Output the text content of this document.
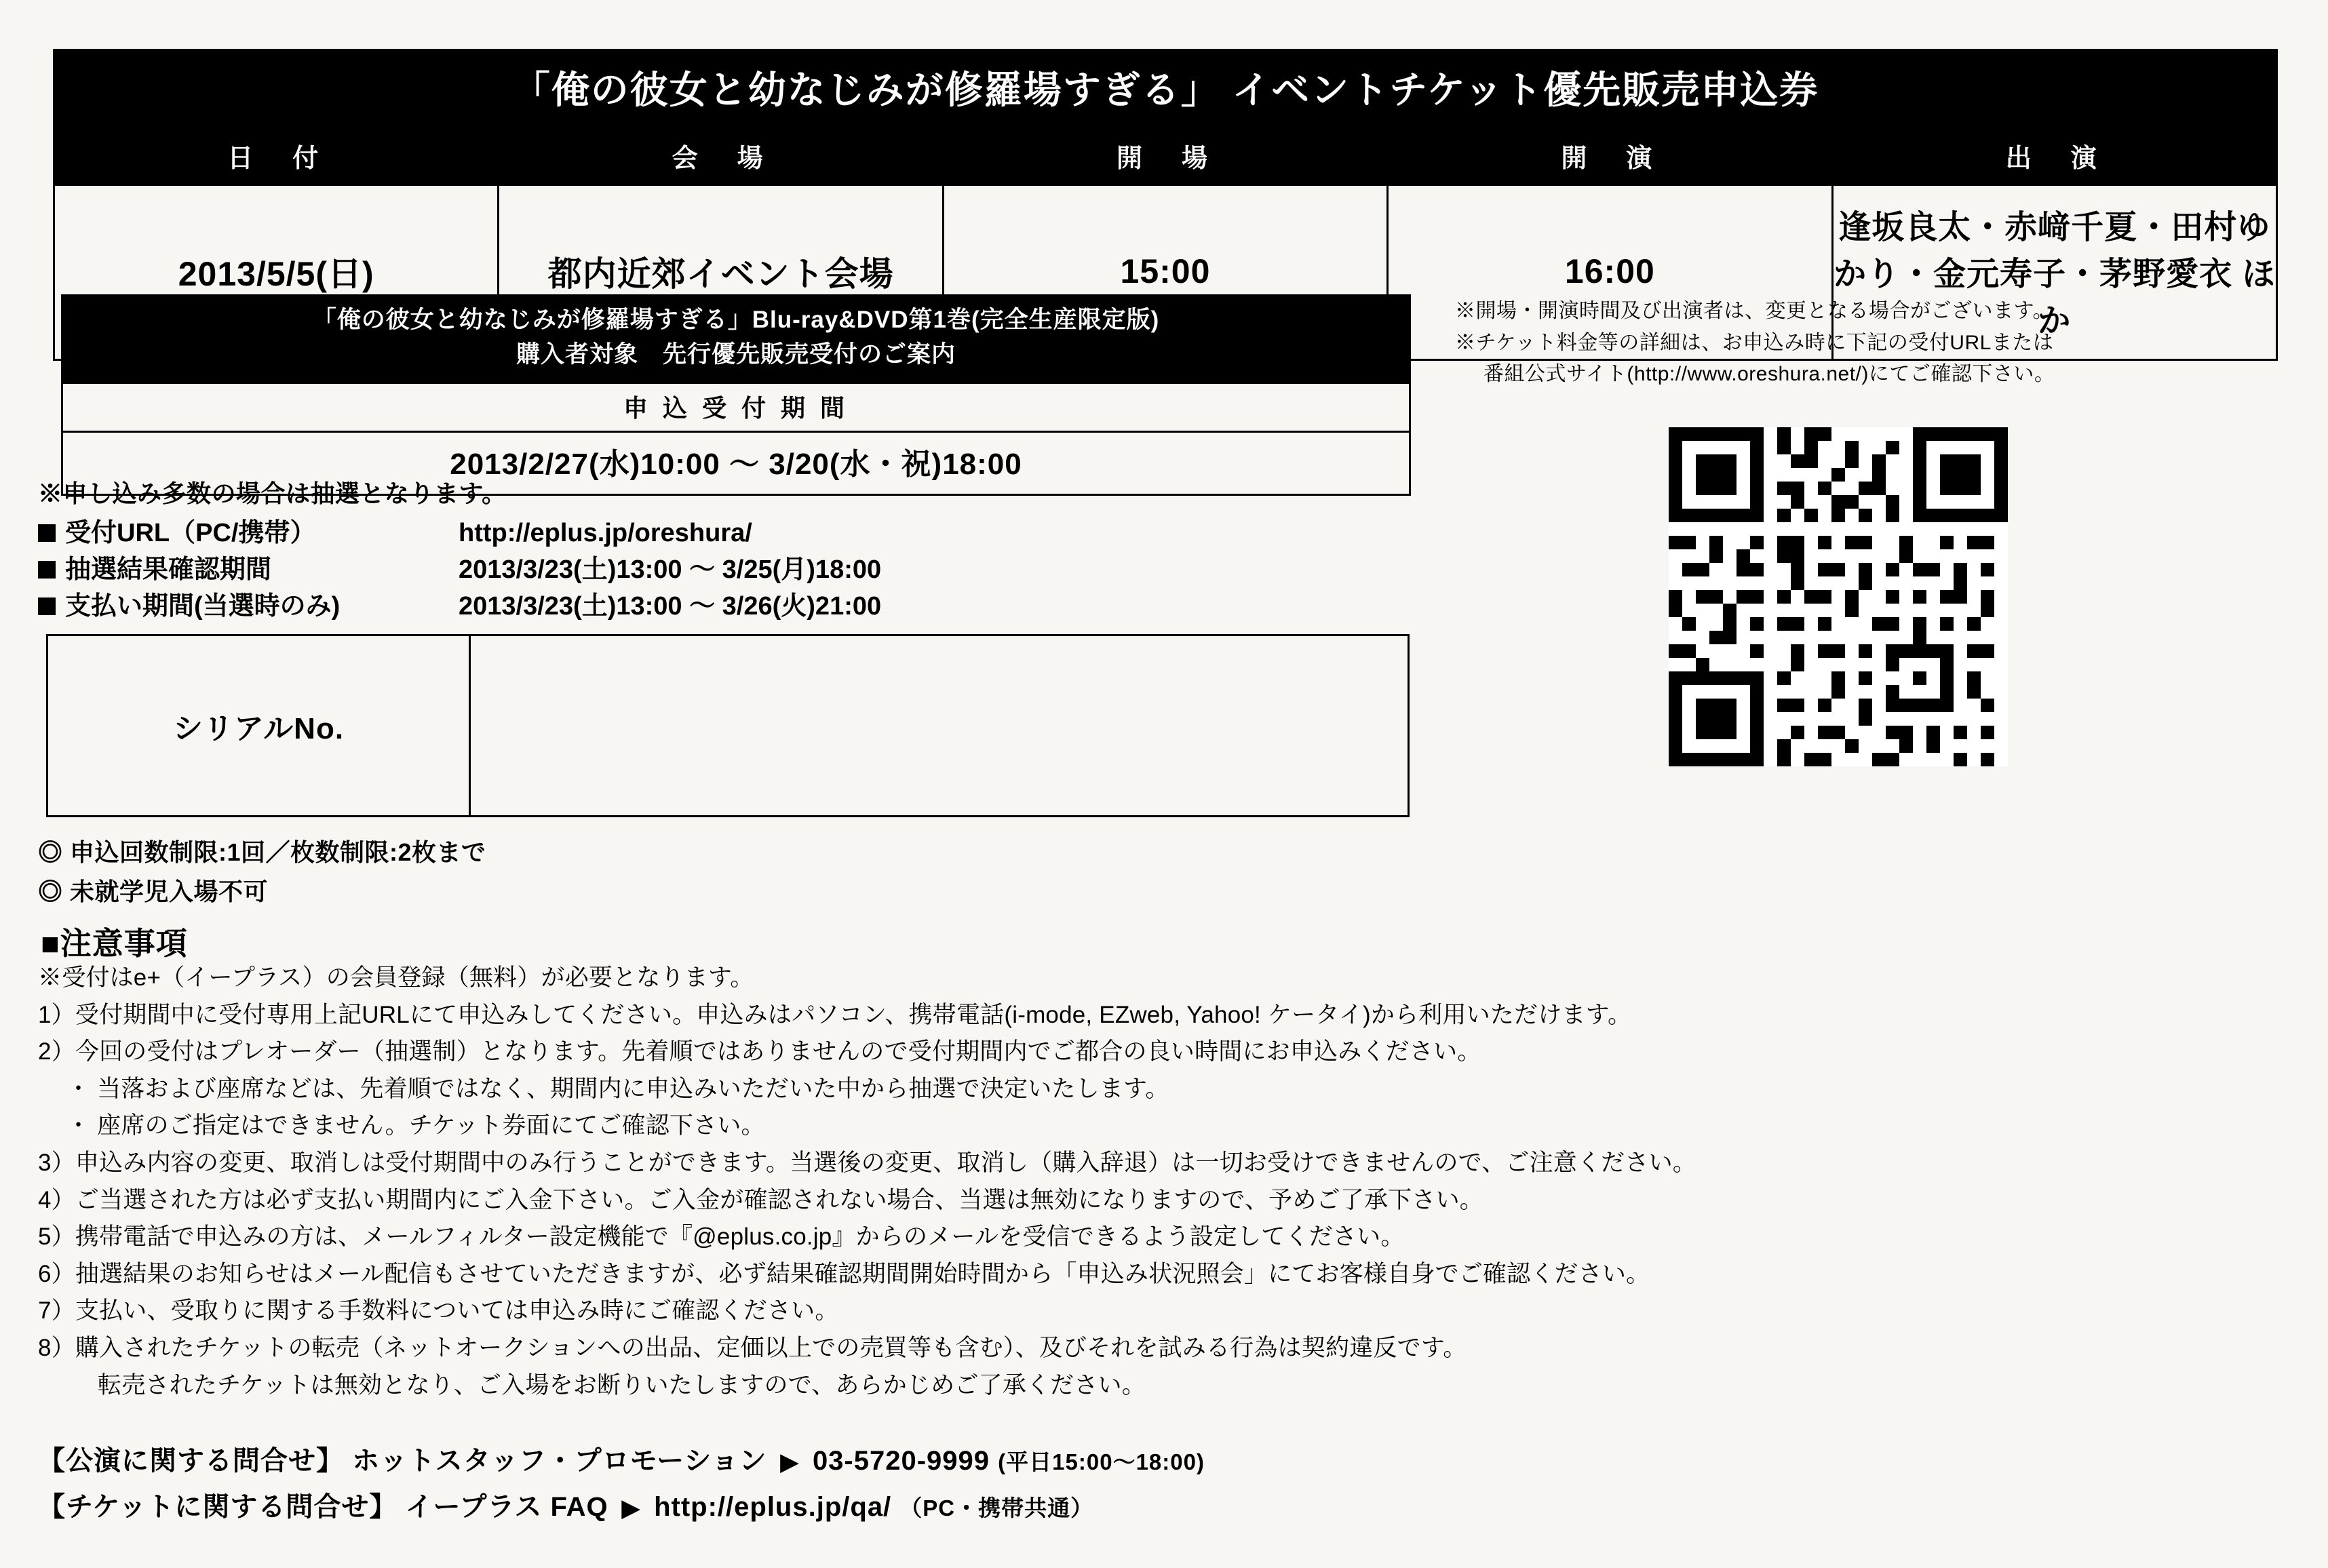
「俺の彼女と幼なじみが修羅場すぎる」 イベントチケット優先販売申込券				
日　付	会　場	開　場	開　演	出　演
2013/5/5(日)	都内近郊イベント会場	15:00	16:00	逢坂良太・赤﨑千夏・田村ゆかり・金元寿子・茅野愛衣 ほか
「俺の彼女と幼なじみが修羅場すぎる」Blu-ray&DVD第1巻(完全生産限定版)
購入者対象　先行優先販売受付のご案内
申 込 受 付 期 間
2013/2/27(水)10:00 〜 3/20(水・祝)18:00
※開場・開演時間及び出演者は、変更となる場合がございます。
※チケット料金等の詳細は、お申込み時に下記の受付URLまたは
番組公式サイト(http://www.oreshura.net/)にてご確認下さい。
※申し込み多数の場合は抽選となります。
受付URL（PC/携帯）	http://eplus.jp/oreshura/
抽選結果確認期間	2013/3/23(土)13:00 〜 3/25(月)18:00
支払い期間(当選時のみ)	2013/3/23(土)13:00 〜 3/26(火)21:00
シリアルNo.
◎ 申込回数制限:1回／枚数制限:2枚まで
◎ 未就学児入場不可
■注意事項
※受付はe+（イープラス）の会員登録（無料）が必要となります。
1）受付期間中に受付専用上記URLにて申込みしてください。申込みはパソコン、携帯電話(i-mode, EZweb, Yahoo! ケータイ)から利用いただけます。
2）今回の受付はプレオーダー（抽選制）となります。先着順ではありませんので受付期間内でご都合の良い時間にお申込みください。
・ 当落および座席などは、先着順ではなく、期間内に申込みいただいた中から抽選で決定いたします。
・ 座席のご指定はできません。チケット券面にてご確認下さい。
3）申込み内容の変更、取消しは受付期間中のみ行うことができます。当選後の変更、取消し（購入辞退）は一切お受けできませんので、ご注意ください。
4）ご当選された方は必ず支払い期間内にご入金下さい。ご入金が確認されない場合、当選は無効になりますので、予めご了承下さい。
5）携帯電話で申込みの方は、メールフィルター設定機能で『@eplus.co.jp』からのメールを受信できるよう設定してください。
6）抽選結果のお知らせはメール配信もさせていただきますが、必ず結果確認期間開始時間から「申込み状況照会」にてお客様自身でご確認ください。
7）支払い、受取りに関する手数料については申込み時にご確認ください。
8）購入されたチケットの転売（ネットオークションへの出品、定価以上での売買等も含む）、及びそれを試みる行為は契約違反です。
転売されたチケットは無効となり、ご入場をお断りいたしますので、あらかじめご了承ください。
【公演に関する問合せ】 ホットスタッフ・プロモーション ▶ 03-5720-9999 (平日15:00〜18:00)
【チケットに関する問合せ】 イープラス FAQ ▶ http://eplus.jp/qa/ （PC・携帯共通）
